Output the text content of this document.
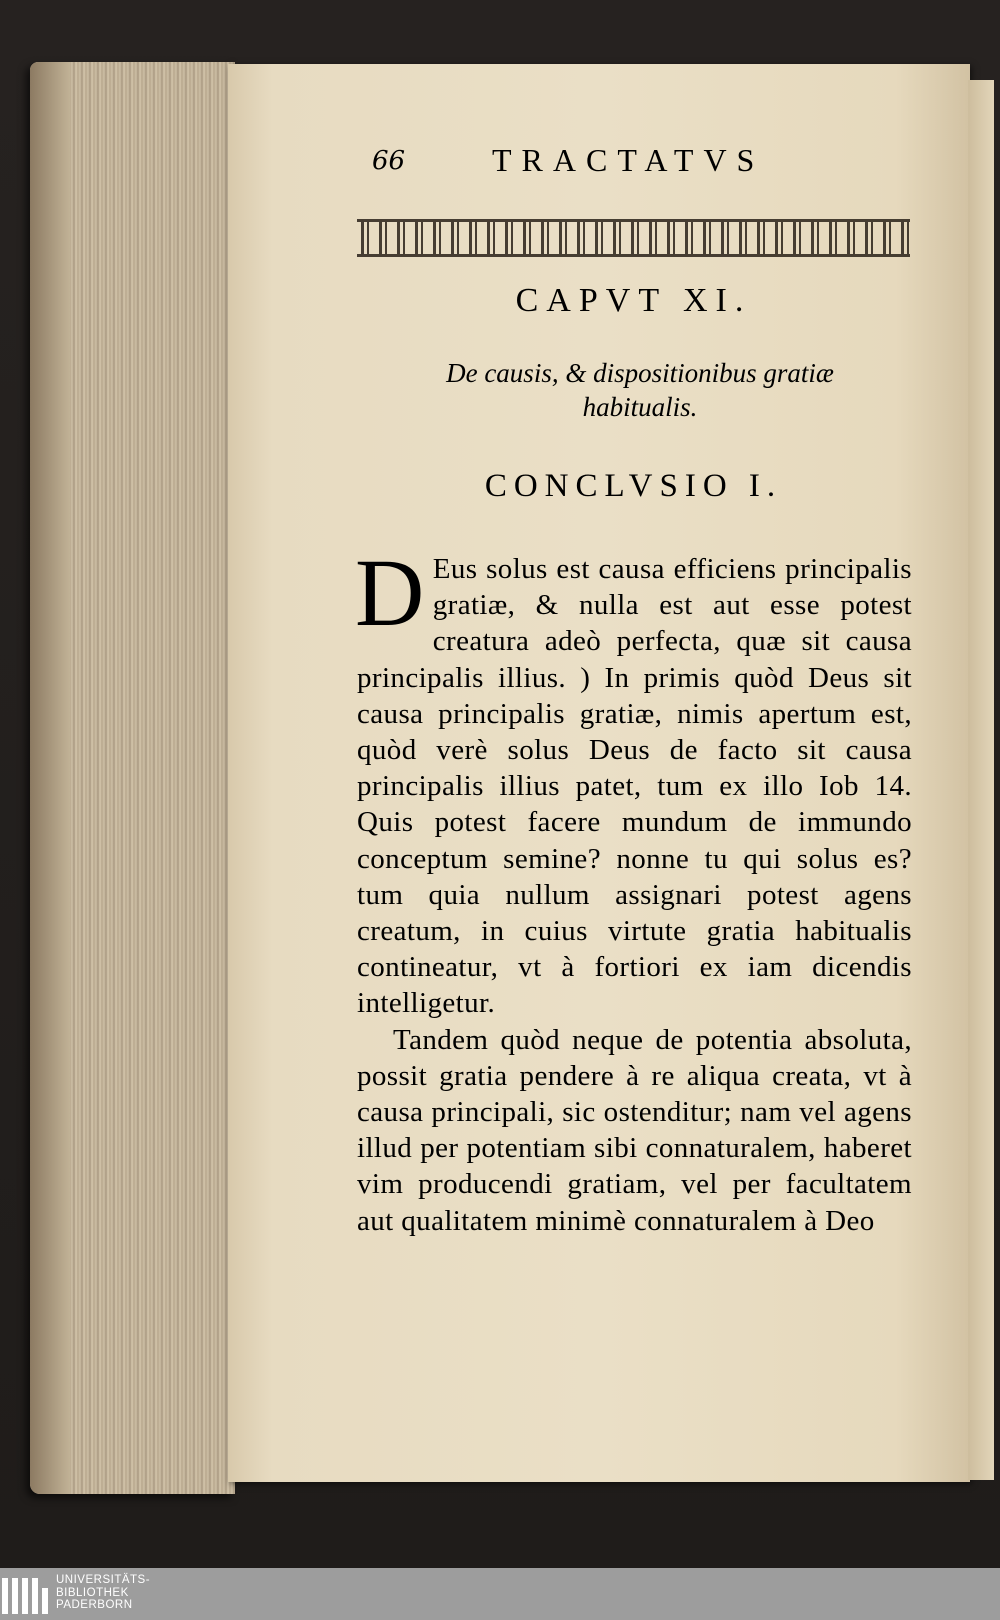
66	TRACTATVS
CAPVT XI.
De causis, & dispositionibus gratiæ
habitualis.
CONCLVSIO I.

D Eus solus est causa efficiens principalis gratiæ, & nulla est aut esse potest creatura adeò perfecta, quæ sit causa principalis illius. ) In primis quòd Deus sit causa principalis gratiæ, nimis apertum est, quòd verè solus Deus de facto sit causa principalis illius patet, tum ex illo Iob 14. Quis potest facere mundum de immundo conceptum semine? nonne tu qui solus es? tum quia nullum assignari potest agens creatum, in cuius virtute gratia habitualis contineatur, vt à fortiori ex iam dicendis intelligetur.

Tandem quòd neque de potentia absoluta, possit gratia pendere à re aliqua creata, vt à causa principali, sic ostenditur; nam vel agens illud per potentiam sibi connaturalem, haberet vim producendi gratiam, vel per facultatem aut qualitatem minimè connaturalem à Deo

UNIVERSITÄTS-
BIBLIOTHEK
PADERBORN
